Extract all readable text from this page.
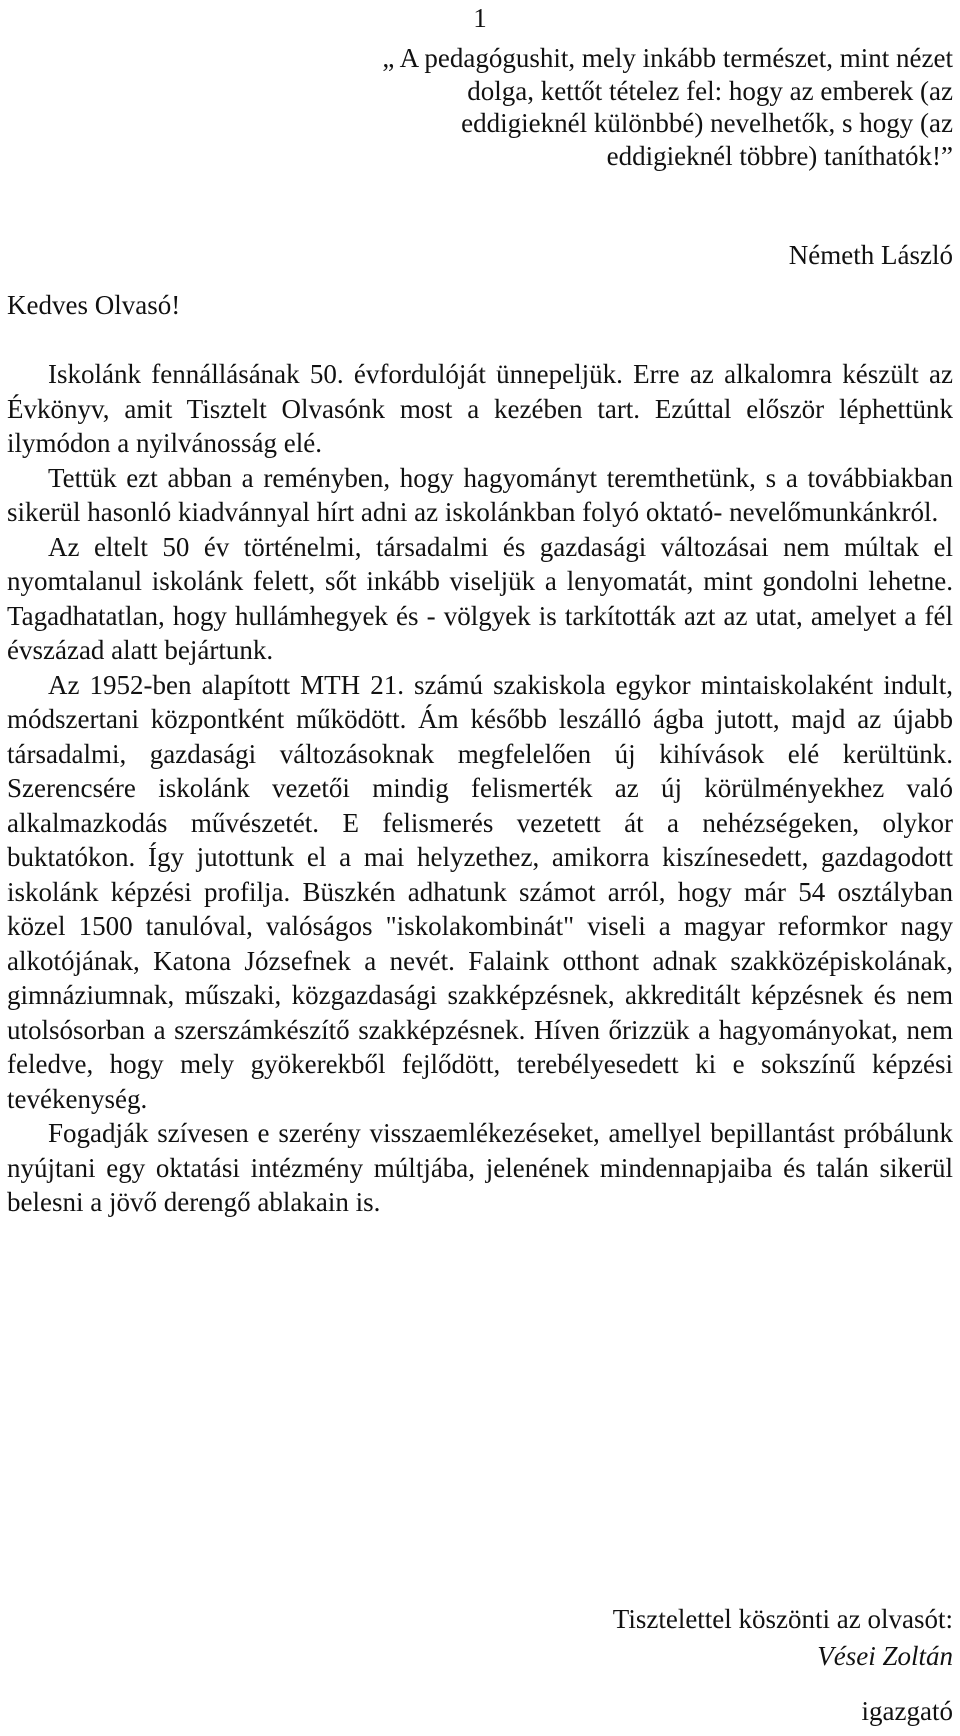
1
„ A pedagógushit, mely inkább természet, mint nézet dolga, kettőt tételez fel: hogy az emberek (az eddigieknél különbbé) nevelhetők, s hogy (az eddigieknél többre) taníthatók!”
Németh László
Kedves Olvasó!

Iskolánk fennállásának 50. évfordulóját ünnepeljük. Erre az alkalomra készült az Évkönyv, amit Tisztelt Olvasónk most a kezében tart. Ezúttal először léphettünk ilymódon a nyilvánosság elé.

Tettük ezt abban a reményben, hogy hagyományt teremthetünk, s a továbbiakban sikerül hasonló kiadvánnyal hírt adni az iskolánkban folyó oktató- nevelőmunkánkról.

Az eltelt 50 év történelmi, társadalmi és gazdasági változásai nem múltak el nyomtalanul iskolánk felett, sőt inkább viseljük a lenyomatát, mint gondolni lehetne. Tagadhatatlan, hogy hullámhegyek és - völgyek is tarkították azt az utat, amelyet a fél évszázad alatt bejártunk.

Az 1952-ben alapított MTH 21. számú szakiskola egykor mintaiskolaként indult, módszertani központként működött. Ám később leszálló ágba jutott, majd az újabb társadalmi, gazdasági változásoknak megfelelően új kihívások elé kerültünk. Szerencsére iskolánk vezetői mindig felismerték az új körülményekhez való alkalmazkodás művészetét. E felismerés vezetett át a nehézségeken, olykor buktatókon. Így jutottunk el a mai helyzethez, amikorra kiszínesedett, gazdagodott iskolánk képzési profilja. Büszkén adhatunk számot arról, hogy már 54 osztályban közel 1500 tanulóval, valóságos "iskolakombinát" viseli a magyar reformkor nagy alkotójának, Katona Józsefnek a nevét. Falaink otthont adnak szakközépiskolának, gimnáziumnak, műszaki, közgazdasági szakképzésnek, akkreditált képzésnek és nem utolsósorban a szerszámkészítő szakképzésnek. Híven őrizzük a hagyományokat, nem feledve, hogy mely gyökerekből fejlődött, terebélyesedett ki e sokszínű képzési tevékenység.

Fogadják szívesen e szerény visszaemlékezéseket, amellyel bepillantást próbálunk nyújtani egy oktatási intézmény múltjába, jelenének mindennapjaiba és talán sikerül belesni a jövő derengő ablakain is.

Tisztelettel köszönti az olvasót:
Vései Zoltán
igazgató
